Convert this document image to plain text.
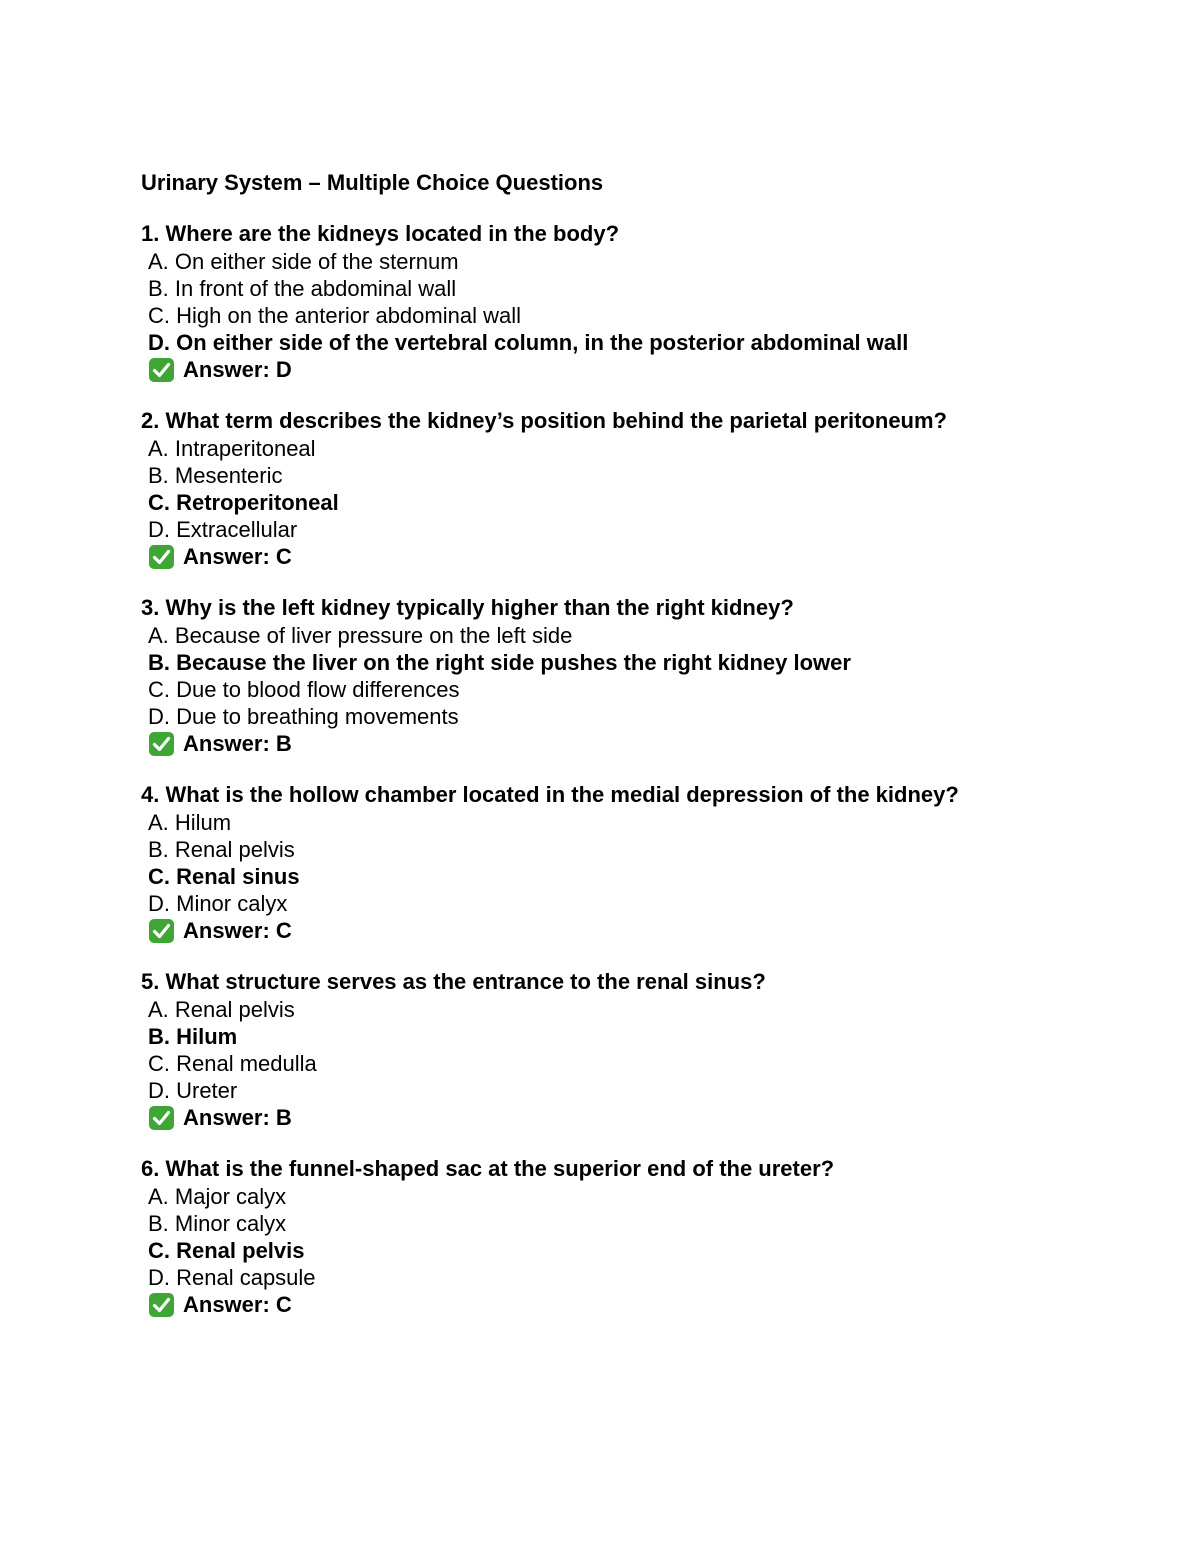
Urinary System – Multiple Choice Questions
1. Where are the kidneys located in the body?
A. On either side of the sternum
B. In front of the abdominal wall
C. High on the anterior abdominal wall
D. On either side of the vertebral column, in the posterior abdominal wall
Answer: D
2. What term describes the kidney’s position behind the parietal peritoneum?
A. Intraperitoneal
B. Mesenteric
C. Retroperitoneal
D. Extracellular
Answer: C
3. Why is the left kidney typically higher than the right kidney?
A. Because of liver pressure on the left side
B. Because the liver on the right side pushes the right kidney lower
C. Due to blood flow differences
D. Due to breathing movements
Answer: B
4. What is the hollow chamber located in the medial depression of the kidney?
A. Hilum
B. Renal pelvis
C. Renal sinus
D. Minor calyx
Answer: C
5. What structure serves as the entrance to the renal sinus?
A. Renal pelvis
B. Hilum
C. Renal medulla
D. Ureter
Answer: B
6. What is the funnel-shaped sac at the superior end of the ureter?
A. Major calyx
B. Minor calyx
C. Renal pelvis
D. Renal capsule
Answer: C
